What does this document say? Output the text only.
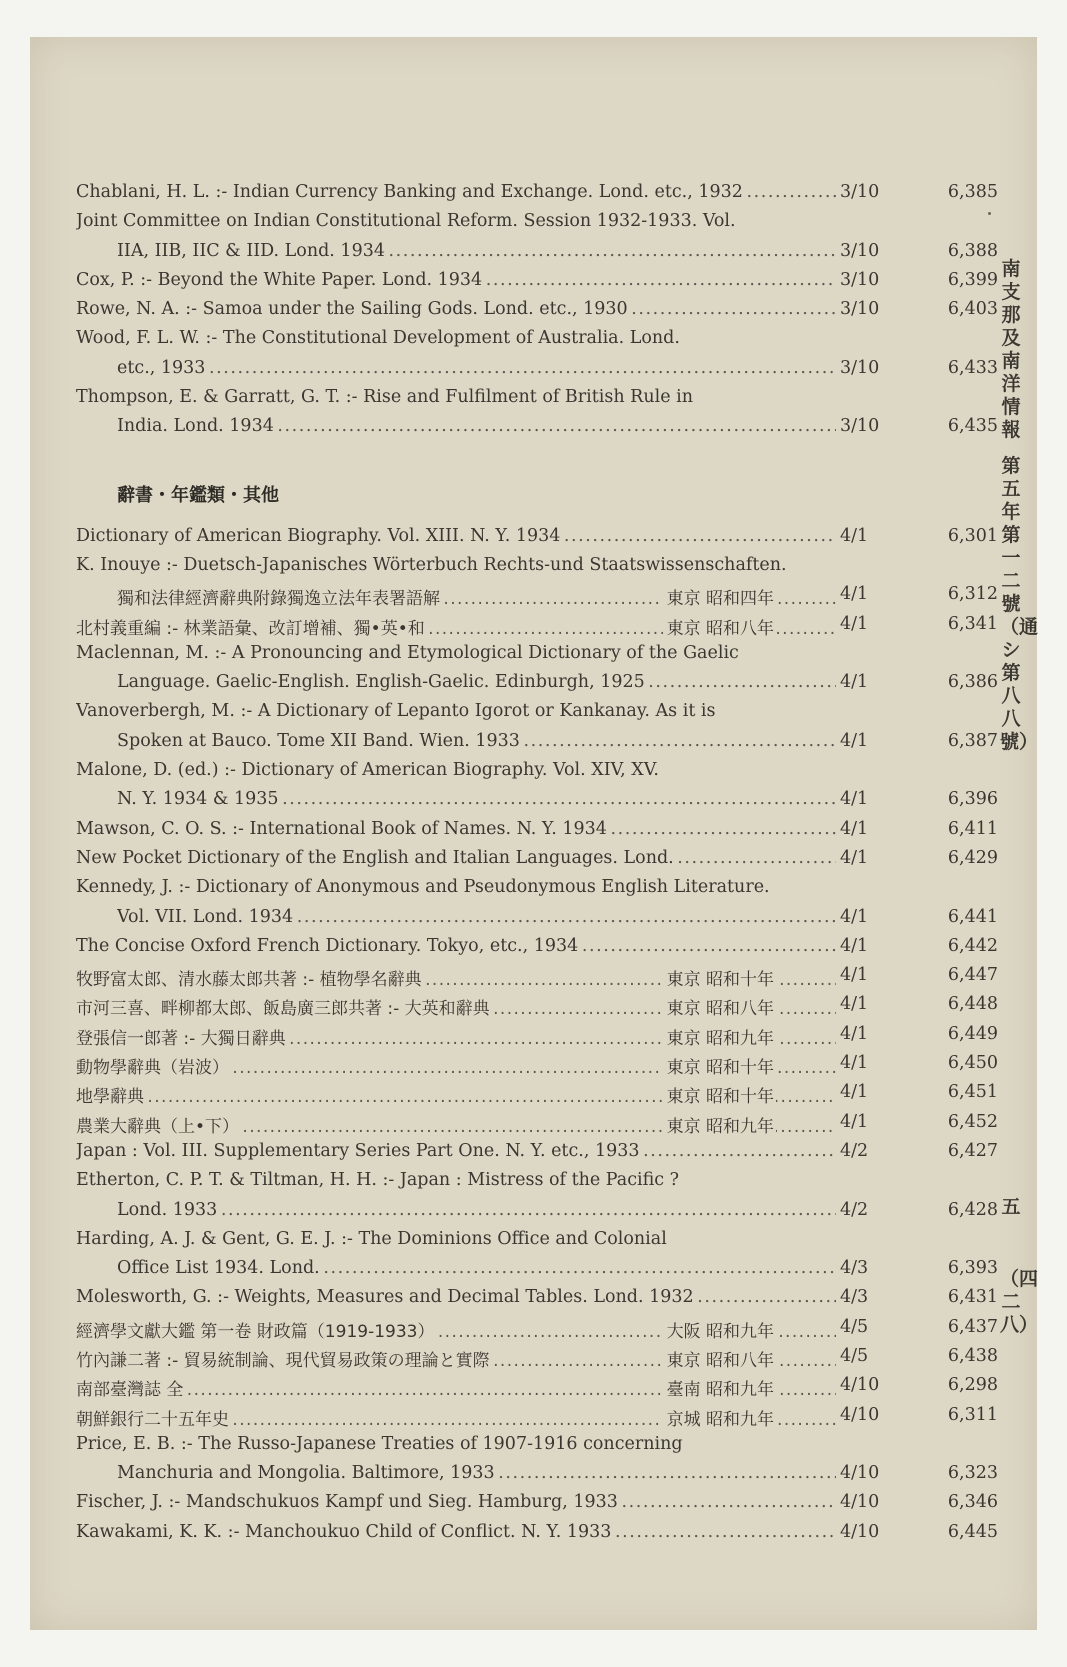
南支那及南洋情報
第五年第一二號（通シ第八八號）
五
（四二八）
Chablani, H. L. :- Indian Currency Banking and Exchange. Lond. etc., 1932 . . .	3/10	6,385
Joint Committee on Indian Constitutional Reform. Session 1932-1933. Vol.
IIA, IIB, IIC & IID. Lond. 1934 . . .	3/10	6,388
Cox, P. :- Beyond the White Paper. Lond. 1934 . . .	3/10	6,399
Rowe, N. A. :- Samoa under the Sailing Gods. Lond. etc., 1930 . . .	3/10	6,403
Wood, F. L. W. :- The Constitutional Development of Australia. Lond.
etc., 1933 . . .	3/10	6,433
Thompson, E. & Garratt, G. T. :- Rise and Fulfilment of British Rule in
India. Lond. 1934 . . .	3/10	6,435
辭書・年鑑類・其他
Dictionary of American Biography. Vol. XIII. N. Y. 1934 . . .	4/1	6,301
K. Inouye :- Duetsch-Japanisches Wörterbuch Rechts-und Staatswissenschaften.
獨和法律經濟辭典附錄獨逸立法年表署語解 . . .	東京 昭和四年	4/1	6,312
北村義重編 :- 林業語彙、改訂增補、獨•英•和 . . .	東京 昭和八年	4/1	6,341
Maclennan, M. :- A Pronouncing and Etymological Dictionary of the Gaelic
Language. Gaelic-English. English-Gaelic. Edinburgh, 1925 . . .	4/1	6,386
Vanoverbergh, M. :- A Dictionary of Lepanto Igorot or Kankanay. As it is
Spoken at Bauco. Tome XII Band. Wien. 1933 . . .	4/1	6,387
Malone, D. (ed.) :- Dictionary of American Biography. Vol. XIV, XV.
N. Y. 1934 & 1935 . . .	4/1	6,396
Mawson, C. O. S. :- International Book of Names. N. Y. 1934 . . .	4/1	6,411
New Pocket Dictionary of the English and Italian Languages. Lond. . . .	4/1	6,429
Kennedy, J. :- Dictionary of Anonymous and Pseudonymous English Literature.
Vol. VII. Lond. 1934 . . .	4/1	6,441
The Concise Oxford French Dictionary. Tokyo, etc., 1934 . . .	4/1	6,442
牧野富太郎、清水藤太郎共著 :- 植物學名辭典 . . .	東京 昭和十年	4/1	6,447
市河三喜、畔柳都太郎、飯島廣三郎共著 :- 大英和辭典 . . .	東京 昭和八年	4/1	6,448
登張信一郎著 :- 大獨日辭典 . . .	東京 昭和九年	4/1	6,449
動物學辭典（岩波） . . .	東京 昭和十年	4/1	6,450
地學辭典 . . .	東京 昭和十年	4/1	6,451
農業大辭典（上•下） . . .	東京 昭和九年	4/1	6,452
Japan : Vol. III. Supplementary Series Part One. N. Y. etc., 1933 . . .	4/2	6,427
Etherton, C. P. T. & Tiltman, H. H. :- Japan : Mistress of the Pacific ?
Lond. 1933 . . .	4/2	6,428
Harding, A. J. & Gent, G. E. J. :- The Dominions Office and Colonial
Office List 1934. Lond. . . .	4/3	6,393
Molesworth, G. :- Weights, Measures and Decimal Tables. Lond. 1932 . . .	4/3	6,431
經濟學文獻大鑑 第一卷 財政篇（1919-1933） . . .	大阪 昭和九年	4/5	6,437
竹內謙二著 :- 貿易統制論、現代貿易政策の理論と實際 . . .	東京 昭和八年	4/5	6,438
南部臺灣誌 全 . . .	臺南 昭和九年	4/10	6,298
朝鮮銀行二十五年史 . . .	京城 昭和九年	4/10	6,311
Price, E. B. :- The Russo-Japanese Treaties of 1907-1916 concerning
Manchuria and Mongolia. Baltimore, 1933 . . .	4/10	6,323
Fischer, J. :- Mandschukuos Kampf und Sieg. Hamburg, 1933 . . .	4/10	6,346
Kawakami, K. K. :- Manchoukuo Child of Conflict. N. Y. 1933 . . .	4/10	6,445
